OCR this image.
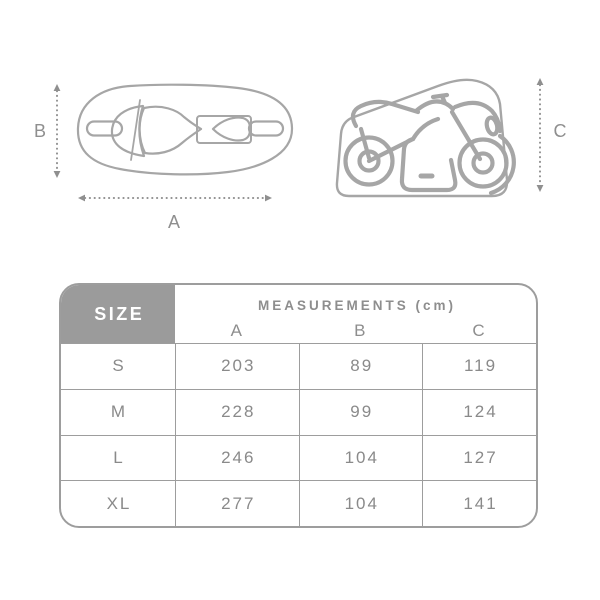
B
A
C
SIZE	MEASUREMENTS (cm)
A	B	C
S	203	89	119
M	228	99	124
L	246	104	127
XL	277	104	141
